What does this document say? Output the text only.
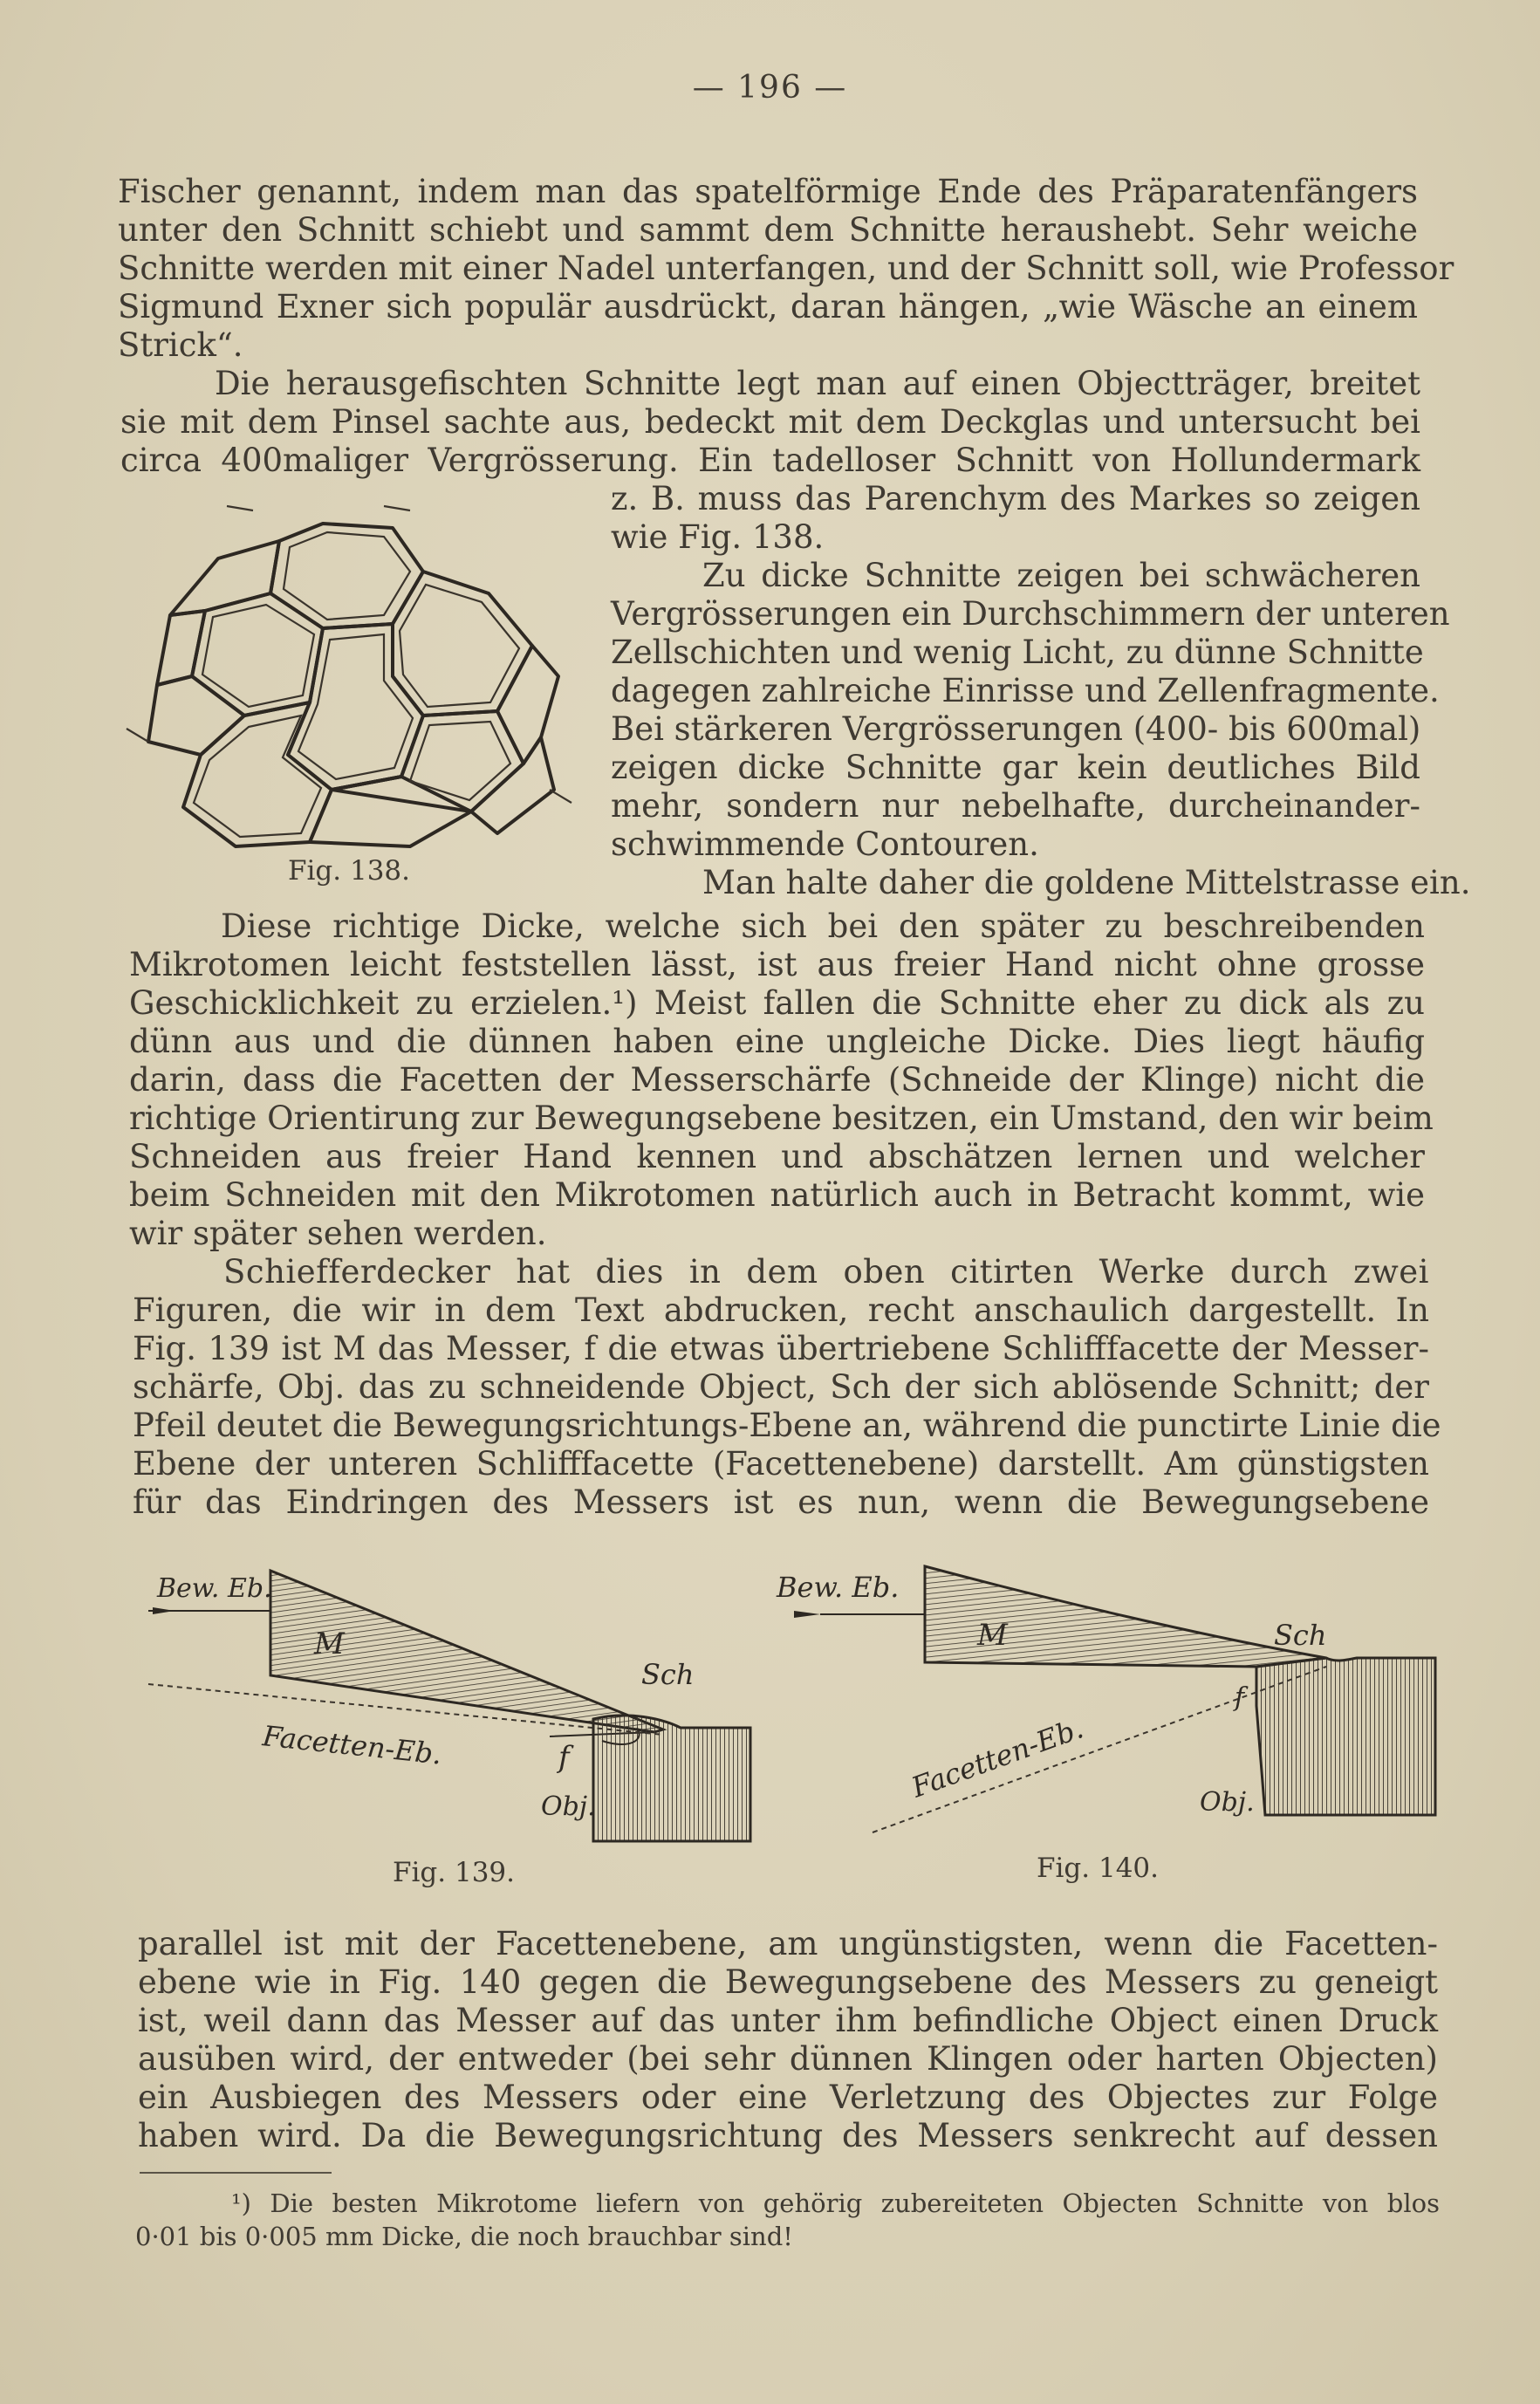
— 196 —
Fischer genannt, indem man das spatelförmige Ende des Präparatenfängers
unter den Schnitt schiebt und sammt dem Schnitte heraushebt. Sehr weiche
Schnitte werden mit einer Nadel unterfangen, und der Schnitt soll, wie Professor
Sigmund Exner sich populär ausdrückt, daran hängen, „wie Wäsche an einem
Strick“.
Die herausgefischten Schnitte legt man auf einen Objectträger, breitet
sie mit dem Pinsel sachte aus, bedeckt mit dem Deckglas und untersucht bei
circa 400maliger Vergrösserung. Ein tadelloser Schnitt von Hollundermark
z. B. muss das Parenchym des Markes so zeigen
wie Fig. 138.
Zu dicke Schnitte zeigen bei schwächeren
Vergrösserungen ein Durchschimmern der unteren
Zellschichten und wenig Licht, zu dünne Schnitte
dagegen zahlreiche Einrisse und Zellenfragmente.
Bei stärkeren Vergrösserungen (400- bis 600mal)
zeigen dicke Schnitte gar kein deutliches Bild
mehr, sondern nur nebelhafte, durcheinander-
schwimmende Contouren.
Man halte daher die goldene Mittelstrasse ein.
Fig. 138.
Diese richtige Dicke, welche sich bei den später zu beschreibenden
Mikrotomen leicht feststellen lässt, ist aus freier Hand nicht ohne grosse
Geschicklichkeit zu erzielen.¹) Meist fallen die Schnitte eher zu dick als zu
dünn aus und die dünnen haben eine ungleiche Dicke. Dies liegt häufig
darin, dass die Facetten der Messerschärfe (Schneide der Klinge) nicht die
richtige Orientirung zur Bewegungsebene besitzen, ein Umstand, den wir beim
Schneiden aus freier Hand kennen und abschätzen lernen und welcher
beim Schneiden mit den Mikrotomen natürlich auch in Betracht kommt, wie
wir später sehen werden.
Schiefferdecker hat dies in dem oben citirten Werke durch zwei
Figuren, die wir in dem Text abdrucken, recht anschaulich dargestellt. In
Fig. 139 ist M das Messer, f die etwas übertriebene Schlifffacette der Messer-
schärfe, Obj. das zu schneidende Object, Sch der sich ablösende Schnitt; der
Pfeil deutet die Bewegungsrichtungs-Ebene an, während die punctirte Linie die
Ebene der unteren Schlifffacette (Facettenebene) darstellt. Am günstigsten
für das Eindringen des Messers ist es nun, wenn die Bewegungsebene
Bew. Eb.
M
Sch
Facetten-Eb.	f
Obj.
Fig. 139.
Bew. Eb.
M	Sch
f
Facetten-Eb.	Obj.
Fig. 140.
parallel ist mit der Facettenebene, am ungünstigsten, wenn die Facetten-
ebene wie in Fig. 140 gegen die Bewegungsebene des Messers zu geneigt
ist, weil dann das Messer auf das unter ihm befindliche Object einen Druck
ausüben wird, der entweder (bei sehr dünnen Klingen oder harten Objecten)
ein Ausbiegen des Messers oder eine Verletzung des Objectes zur Folge
haben wird. Da die Bewegungsrichtung des Messers senkrecht auf dessen
¹) Die besten Mikrotome liefern von gehörig zubereiteten Objecten Schnitte von blos
0·01 bis 0·005 mm Dicke, die noch brauchbar sind!
